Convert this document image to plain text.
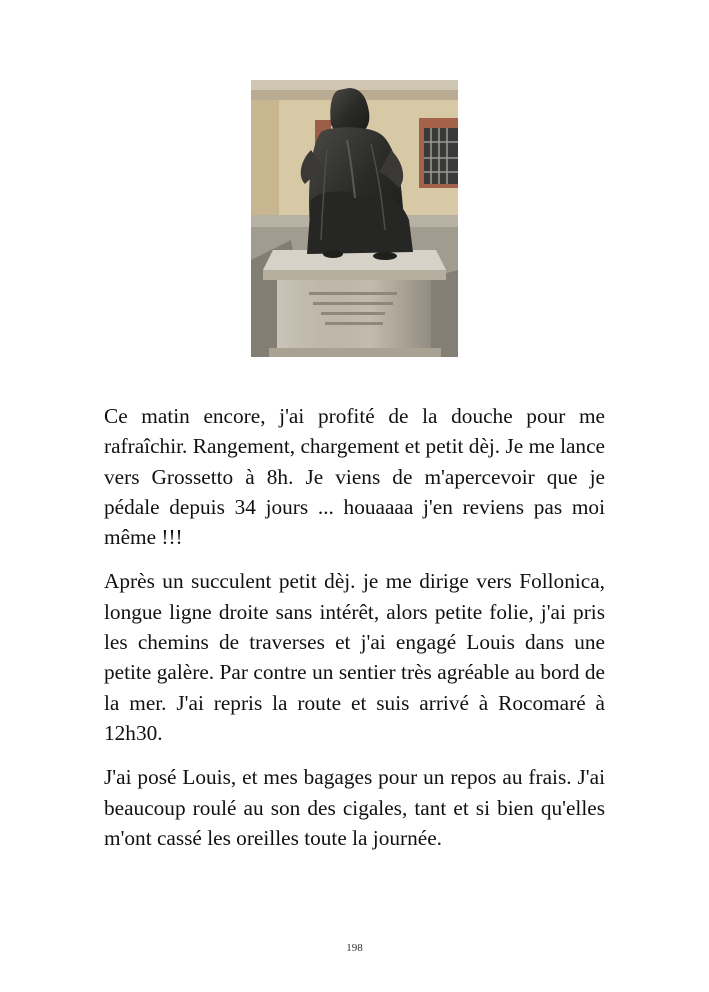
Ce matin encore, j'ai profité de la douche pour me rafraîchir. Rangement, chargement et petit dèj. Je me lance vers Grossetto à 8h. Je viens de m'apercevoir que je pédale depuis 34 jours ... houaaaa j'en reviens pas moi même !!!

Après un succulent petit dèj. je me dirige vers Follonica, longue ligne droite sans intérêt, alors petite folie, j'ai pris les chemins de traverses et j'ai engagé Louis dans une petite galère. Par contre un sentier très agréable au bord de la mer. J'ai repris la route et suis arrivé à Rocomaré à 12h30.

J'ai posé Louis, et mes bagages pour un repos au frais. J'ai beaucoup roulé au son des cigales, tant et si bien qu'elles m'ont cassé les oreilles toute la journée.

198
